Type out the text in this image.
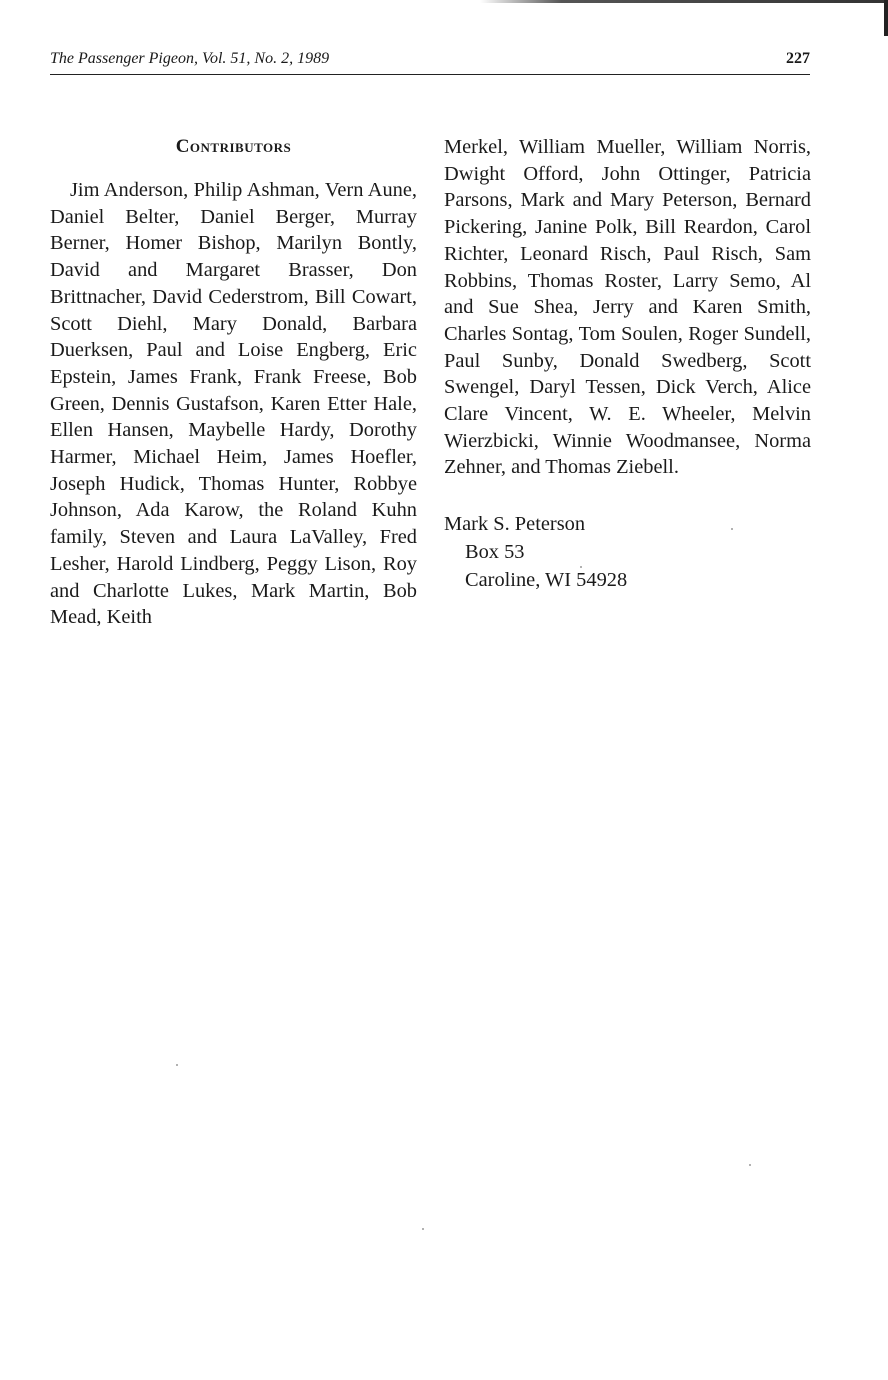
The Passenger Pigeon, Vol. 51, No. 2, 1989	227
Contributors

Jim Anderson, Philip Ashman, Vern Aune, Daniel Belter, Daniel Berger, Murray Berner, Homer Bishop, Marilyn Bontly, David and Margaret Brasser, Don Brittnacher, David Cederstrom, Bill Cowart, Scott Diehl, Mary Donald, Barbara Duerksen, Paul and Loise Engberg, Eric Epstein, James Frank, Frank Freese, Bob Green, Dennis Gustafson, Karen Etter Hale, Ellen Hansen, Maybelle Hardy, Dorothy Harmer, Michael Heim, James Hoefler, Joseph Hudick, Thomas Hunter, Robbye Johnson, Ada Karow, the Roland Kuhn family, Steven and Laura LaValley, Fred Lesher, Harold Lindberg, Peggy Lison, Roy and Charlotte Lukes, Mark Martin, Bob Mead, Keith

Merkel, William Mueller, William Norris, Dwight Offord, John Ottinger, Patricia Parsons, Mark and Mary Peterson, Bernard Pickering, Janine Polk, Bill Reardon, Carol Richter, Leonard Risch, Paul Risch, Sam Robbins, Thomas Roster, Larry Semo, Al and Sue Shea, Jerry and Karen Smith, Charles Sontag, Tom Soulen, Roger Sundell, Paul Sunby, Donald Swedberg, Scott Swengel, Daryl Tessen, Dick Verch, Alice Clare Vincent, W. E. Wheeler, Melvin Wierzbicki, Winnie Woodmansee, Norma Zehner, and Thomas Ziebell.

Mark S. Peterson
Box 53
Caroline, WI 54928
